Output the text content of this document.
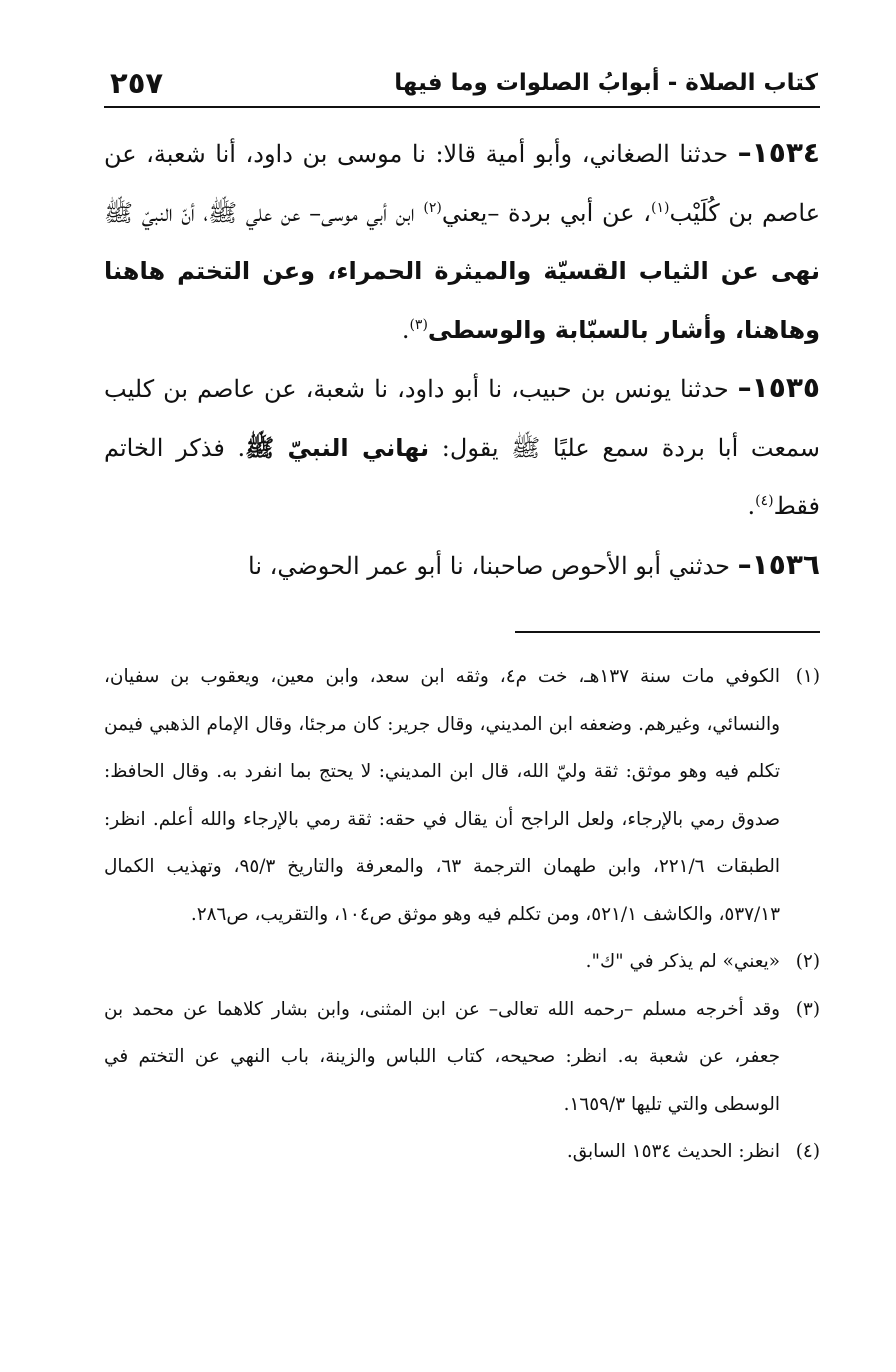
كتاب الصلاة - أبوابُ الصلوات وما فيها
٢٥٧

١٥٣٤– حدثنا الصغاني، وأبو أمية قالا: نا موسى بن داود، أنا شعبة، عن عاصم بن كُلَيْب$^{(١)}$، عن أبي بردة –يعني$^{(٢)}$ ابن أبي موسى– عن علي ﷺ، أنّ النبيّ ﷺ نهى عن الثياب القسيّة والميثرة الحمراء، وعن التختم هاهنا وهاهنا، وأشار بالسبّابة والوسطى$^{(٣)}$.

١٥٣٥– حدثنا يونس بن حبيب، نا أبو داود، نا شعبة، عن عاصم بن كليب سمعت أبا بردة سمع عليًا ﷺ يقول: نهاني النبيّ ﷺ. فذكر الخاتم فقط$^{(٤)}$.

١٥٣٦– حدثني أبو الأحوص صاحبنا، نا أبو عمر الحوضي، نا

(١)
الكوفي مات سنة ١٣٧هـ، خت م٤، وثقه ابن سعد، وابن معين، ويعقوب بن سفيان، والنسائي، وغيرهم. وضعفه ابن المديني، وقال جرير: كان مرجئا، وقال الإمام الذهبي فيمن تكلم فيه وهو موثق: ثقة وليّ الله، قال ابن المديني: لا يحتج بما انفرد به. وقال الحافظ: صدوق رمي بالإرجاء، ولعل الراجح أن يقال في حقه: ثقة رمي بالإرجاء والله أعلم. انظر: الطبقات ٢٢١/٦، وابن طهمان الترجمة ٦٣، والمعرفة والتاريخ ٩٥/٣، وتهذيب الكمال ٥٣٧/١٣، والكاشف ٥٢١/١، ومن تكلم فيه وهو موثق ص١٠٤، والتقريب، ص٢٨٦.
(٢)
«يعني» لم يذكر في "ك".
(٣)
وقد أخرجه مسلم –رحمه الله تعالى– عن ابن المثنى، وابن بشار كلاهما عن محمد بن جعفر، عن شعبة به. انظر: صحيحه، كتاب اللباس والزينة، باب النهي عن التختم في الوسطى والتي تليها ١٦٥٩/٣.
(٤)
انظر: الحديث ١٥٣٤ السابق.
